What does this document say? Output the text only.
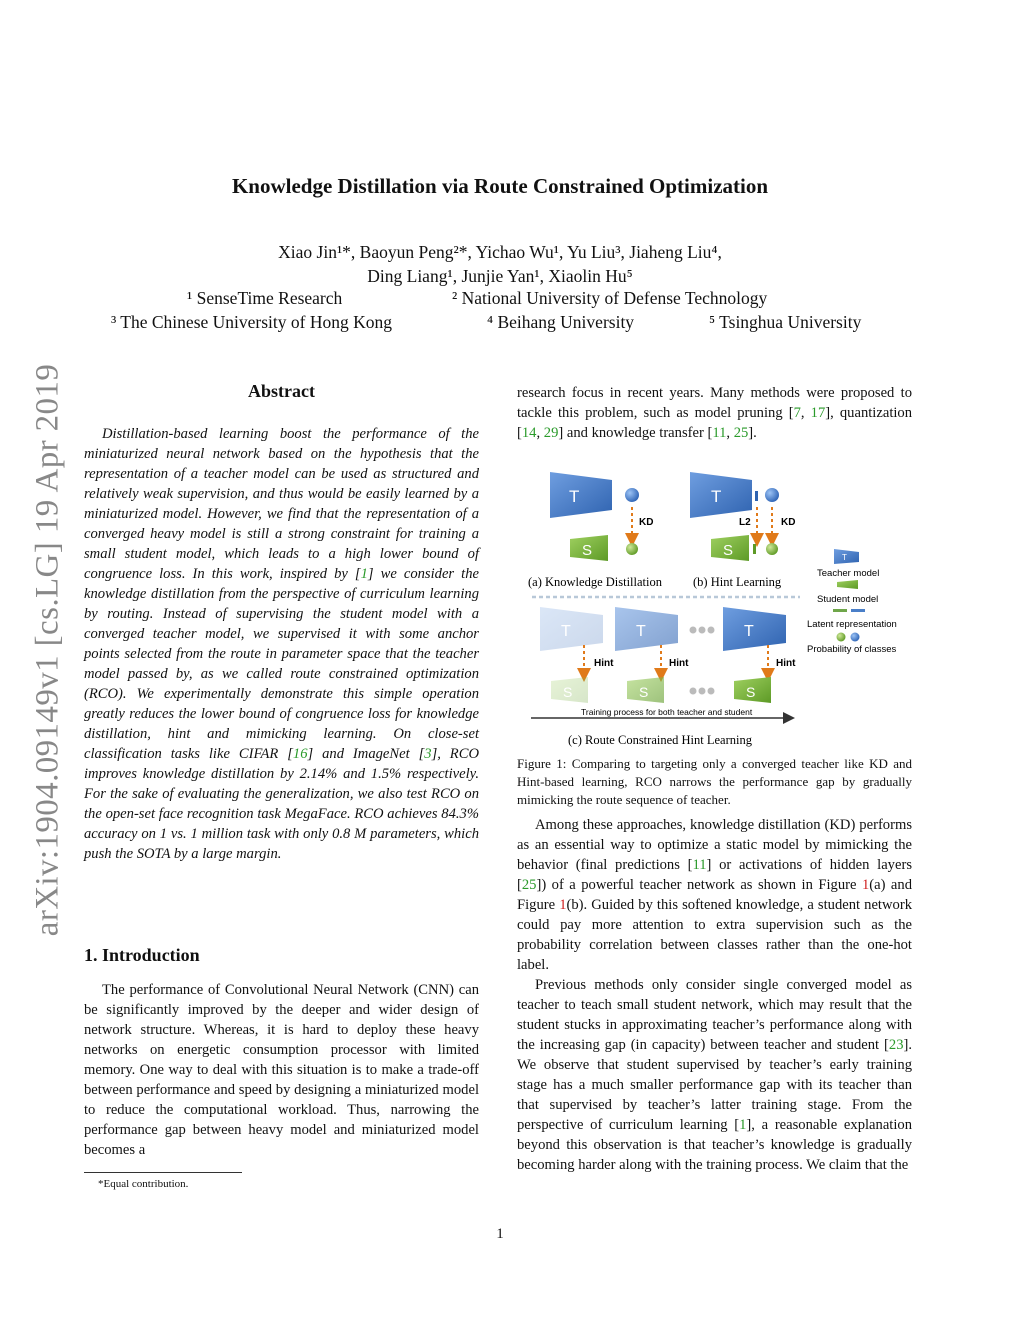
arXiv:1904.09149v1 [cs.LG] 19 Apr 2019
Knowledge Distillation via Route Constrained Optimization
Xiao Jin¹*, Baoyun Peng²*, Yichao Wu¹, Yu Liu³, Jiaheng Liu⁴,
Ding Liang¹, Junjie Yan¹, Xiaolin Hu⁵
¹ SenseTime Research	² National University of Defense Technology
³ The Chinese University of Hong Kong	⁴ Beihang University	⁵ Tsinghua University
Abstract
Distillation-based learning boost the performance of the miniaturized neural network based on the hypothesis that the representation of a teacher model can be used as structured and relatively weak supervision, and thus would be easily learned by a miniaturized model. However, we find that the representation of a converged heavy model is still a strong constraint for training a small student model, which leads to a high lower bound of congruence loss. In this work, inspired by [1] we consider the knowledge distillation from the perspective of curriculum learning by routing. Instead of supervising the student model with a converged teacher model, we supervised it with some anchor points selected from the route in parameter space that the teacher model passed by, as we called route constrained optimization (RCO). We experimentally demonstrate this simple operation greatly reduces the lower bound of congruence loss for knowledge distillation, hint and mimicking learning. On close-set classification tasks like CIFAR [16] and ImageNet [3], RCO improves knowledge distillation by 2.14% and 1.5% respectively. For the sake of evaluating the generalization, we also test RCO on the open-set face recognition task MegaFace. RCO achieves 84.3% accuracy on 1 vs. 1 million task with only 0.8 M parameters, which push the SOTA by a large margin.
1. Introduction
The performance of Convolutional Neural Network (CNN) can be significantly improved by the deeper and wider design of network structure. Whereas, it is hard to deploy these heavy networks on energetic consumption processor with limited memory. One way to deal with this situation is to make a trade-off between performance and speed by designing a miniaturized model to reduce the computational workload. Thus, narrowing the performance gap between heavy model and miniaturized model becomes a
*Equal contribution.
research focus in recent years. Many methods were proposed to tackle this problem, such as model pruning [7, 17], quantization [14, 29] and knowledge transfer [11, 25].
T
KD
S
(a) Knowledge Distillation
T
L2	KD
S
(b) Hint Learning
T
Teacher model
Student model
Latent representation
Probability of classes
T	T	T
Hint	Hint	Hint
S	S	S
Training process for both teacher and student
(c) Route Constrained Hint Learning
Figure 1: Comparing to targeting only a converged teacher like KD and Hint-based learning, RCO narrows the performance gap by gradually mimicking the route sequence of teacher.
Among these approaches, knowledge distillation (KD) performs as an essential way to optimize a static model by mimicking the behavior (final predictions [11] or activations of hidden layers [25]) of a powerful teacher network as shown in Figure 1(a) and Figure 1(b). Guided by this softened knowledge, a student network could pay more attention to extra supervision such as the probability correlation between classes rather than the one-hot label.
Previous methods only consider single converged model as teacher to teach small student network, which may result that the student stucks in approximating teacher’s performance along with the increasing gap (in capacity) between teacher and student [23]. We observe that student supervised by teacher’s early training stage has a much smaller performance gap with its teacher than that supervised by teacher’s latter training stage. From the perspective of curriculum learning [1], a reasonable explanation beyond this observation is that teacher’s knowledge is gradually becoming harder along with the training process. We claim that the
1
